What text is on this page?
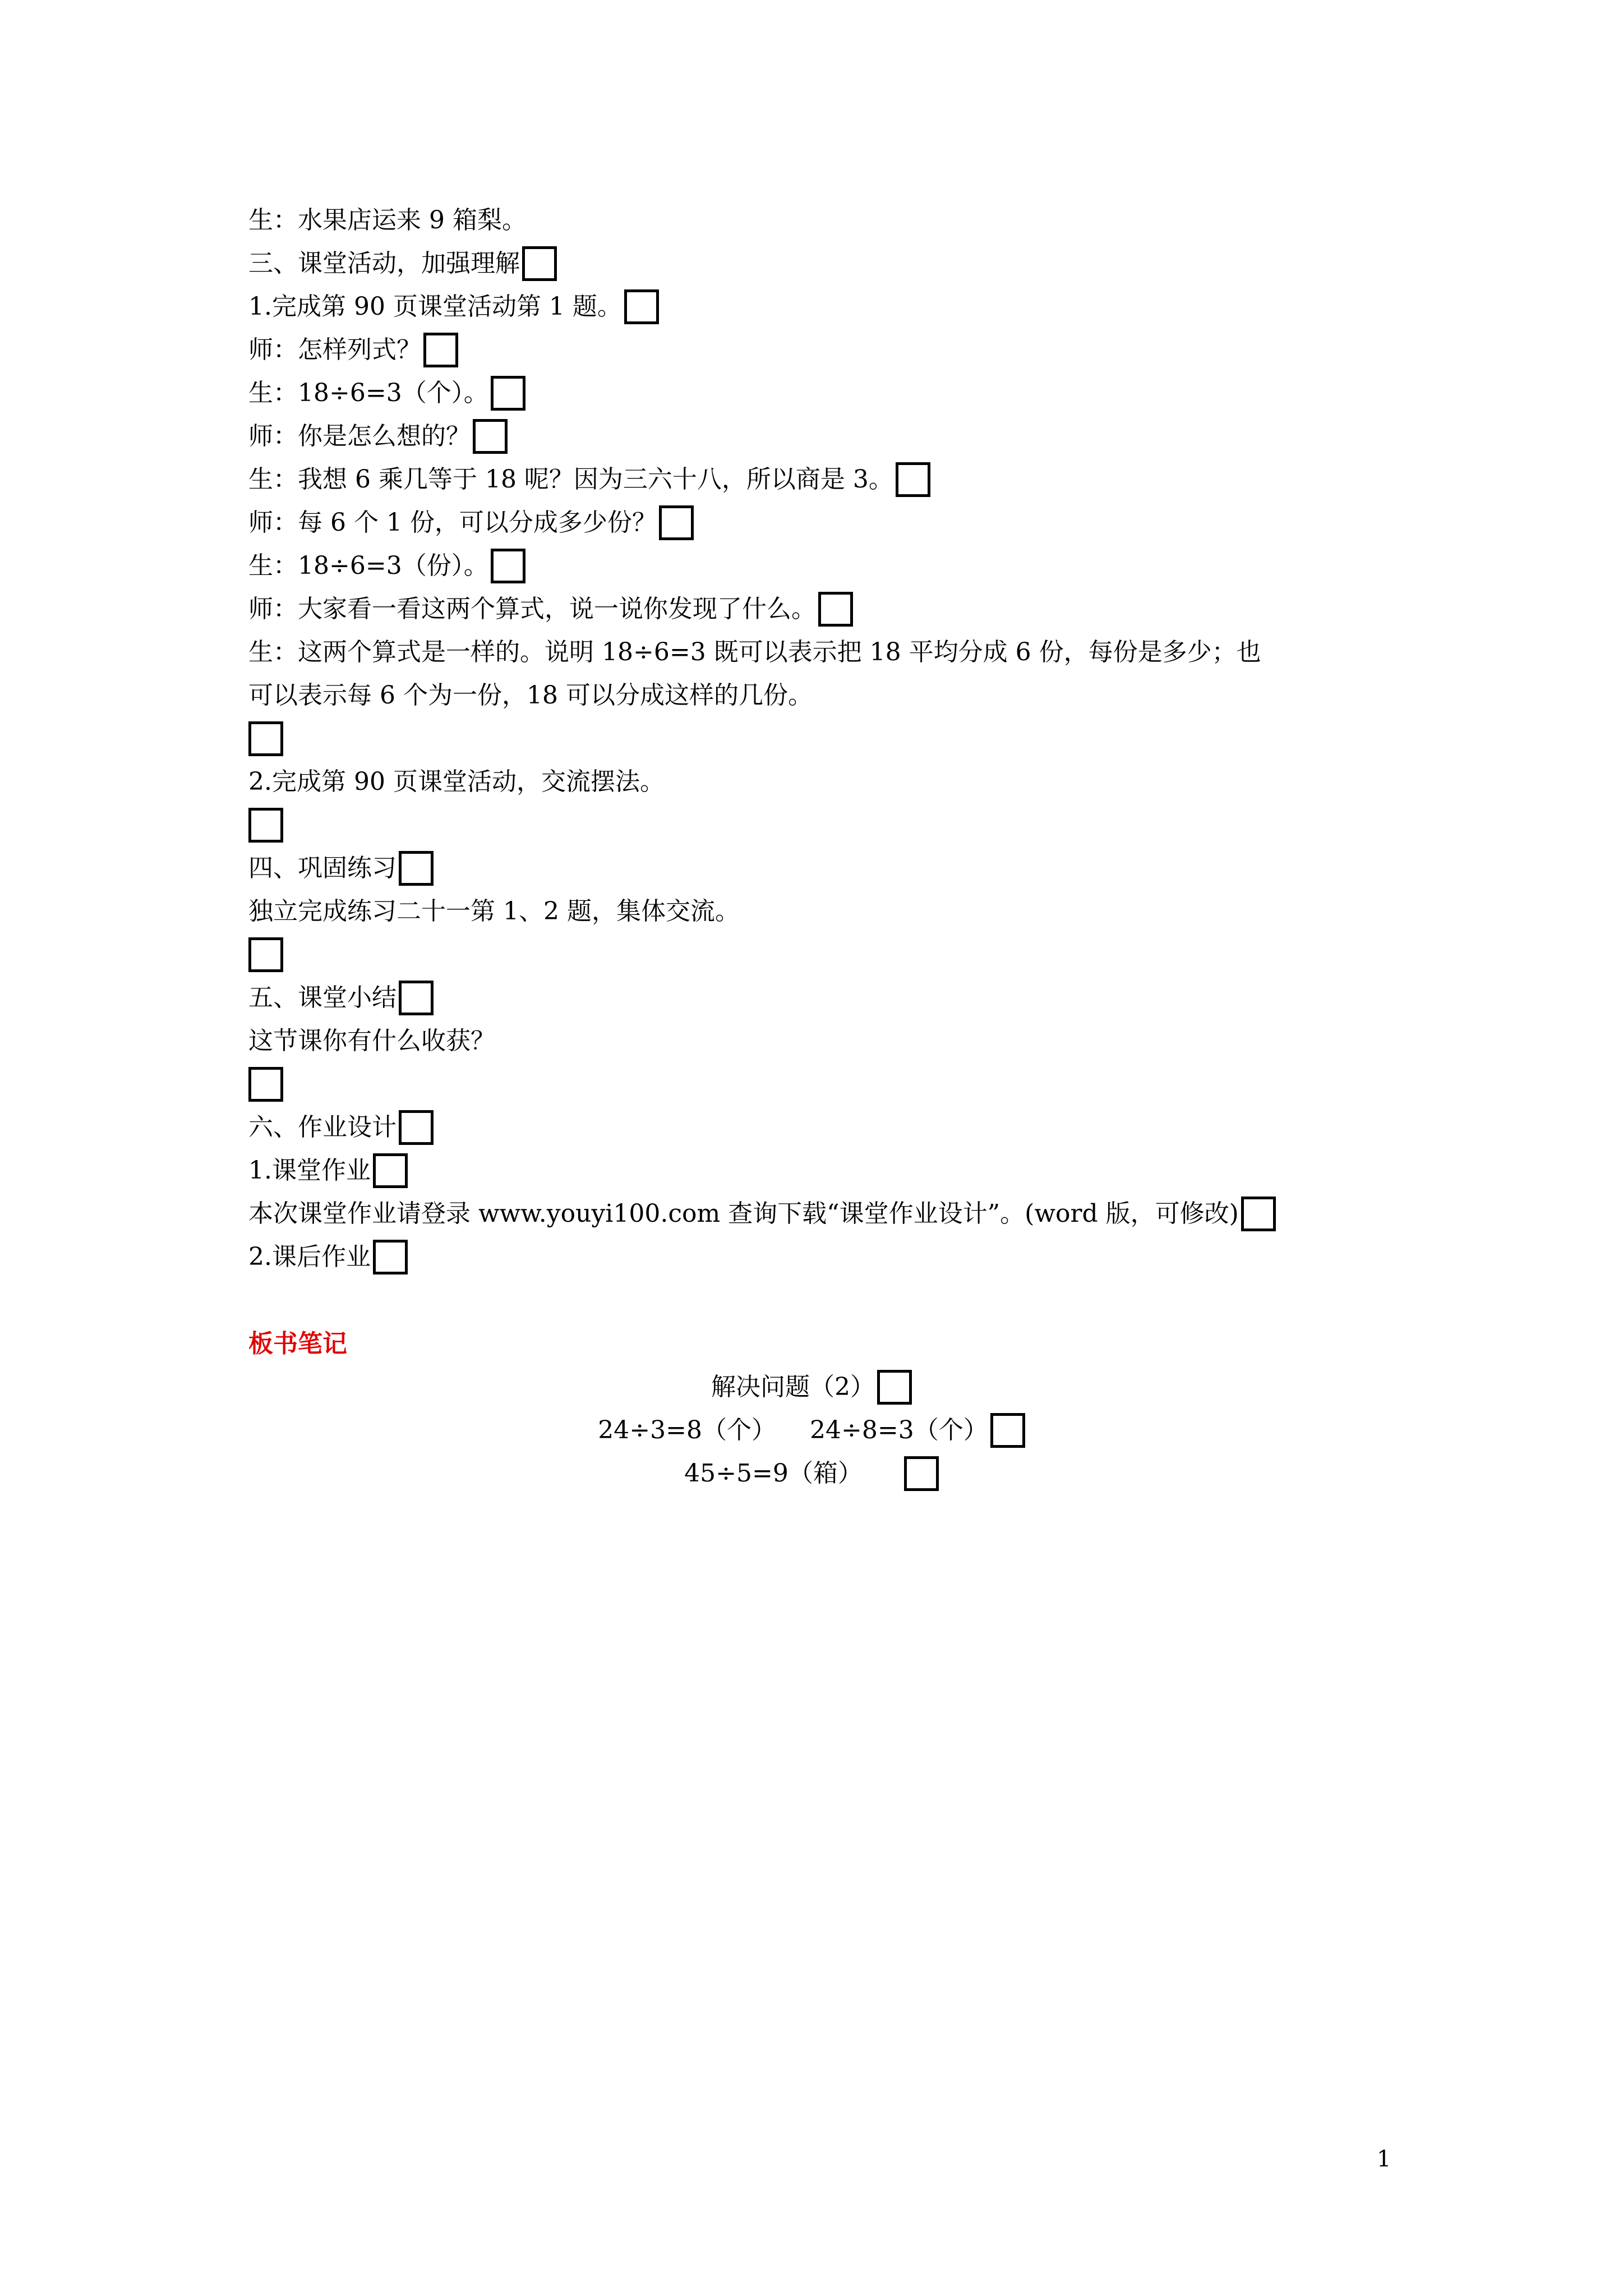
生：水果店运来 9 箱梨。
三、课堂活动，加强理解
1.完成第 90 页课堂活动第 1 题。
师：怎样列式？
生：18÷6=3（个）。
师：你是怎么想的？
生：我想 6 乘几等于 18 呢？因为三六十八，所以商是 3。
师：每 6 个 1 份，可以分成多少份？
生：18÷6=3（份）。
师：大家看一看这两个算式，说一说你发现了什么。
生：这两个算式是一样的。说明 18÷6=3 既可以表示把 18 平均分成 6 份，每份是多少；也
可以表示每 6 个为一份，18 可以分成这样的几份。
2.完成第 90 页课堂活动，交流摆法。
四、巩固练习
独立完成练习二十一第 1、2 题，集体交流。
五、课堂小结
这节课你有什么收获？
六、作业设计
1.课堂作业
本次课堂作业请登录 www.youyi100.com 查询下载“课堂作业设计”。(word 版，可修改)
2.课后作业
板书笔记
解决问题（2）
24÷3=8（个） 24÷8=3（个）
45÷5=9（箱）
1
